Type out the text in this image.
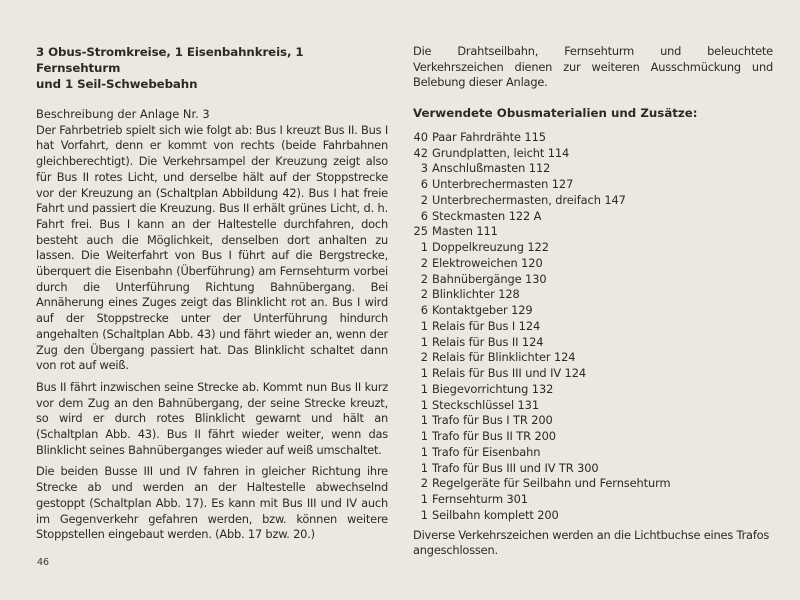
3 Obus-Stromkreise, 1 Eisenbahnkreis, 1 Fernsehturm
und 1 Seil-Schwebebahn
Beschreibung der Anlage Nr. 3

Der Fahrbetrieb spielt sich wie folgt ab: Bus I kreuzt Bus II. Bus I hat Vorfahrt, denn er kommt von rechts (beide Fahrbahnen gleichberechtigt). Die Verkehrsampel der Kreuzung zeigt also für Bus II rotes Licht, und derselbe hält auf der Stoppstrecke vor der Kreuzung an (Schaltplan Abbildung 42). Bus I hat freie Fahrt und passiert die Kreuzung. Bus II erhält grünes Licht, d. h. Fahrt frei. Bus I kann an der Haltestelle durchfahren, doch besteht auch die Möglichkeit, denselben dort anhalten zu lassen. Die Weiterfahrt von Bus I führt auf die Bergstrecke, überquert die Eisenbahn (Überführung) am Fernsehturm vorbei durch die Unterführung Richtung Bahnübergang. Bei Annäherung eines Zuges zeigt das Blinklicht rot an. Bus I wird auf der Stoppstrecke unter der Unterführung hindurch angehalten (Schaltplan Abb. 43) und fährt wieder an, wenn der Zug den Übergang passiert hat. Das Blinklicht schaltet dann von rot auf weiß.

Bus II fährt inzwischen seine Strecke ab. Kommt nun Bus II kurz vor dem Zug an den Bahnübergang, der seine Strecke kreuzt, so wird er durch rotes Blinklicht gewarnt und hält an (Schaltplan Abb. 43). Bus II fährt wieder weiter, wenn das Blinklicht seines Bahnüberganges wieder auf weiß umschaltet.

Die beiden Busse III und IV fahren in gleicher Richtung ihre Strecke ab und werden an der Haltestelle abwechselnd gestoppt (Schaltplan Abb. 17). Es kann mit Bus III und IV auch im Gegenverkehr gefahren werden, bzw. können weitere Stoppstellen eingebaut werden. (Abb. 17 bzw. 20.)

Die Drahtseilbahn, Fernsehturm und beleuchtete Verkehrszeichen dienen zur weiteren Ausschmückung und Belebung dieser Anlage.

Verwendete Obusmaterialien und Zusätze:
40 Paar Fahrdrähte 115
42 Grundplatten, leicht 114
3 Anschlußmasten 112
6 Unterbrechermasten 127
2 Unterbrechermasten, dreifach 147
6 Steckmasten 122 A
25 Masten 111
1 Doppelkreuzung 122
2 Elektroweichen 120
2 Bahnübergänge 130
2 Blinklichter 128
6 Kontaktgeber 129
1 Relais für Bus I 124
1 Relais für Bus II 124
2 Relais für Blinklichter 124
1 Relais für Bus III und IV 124
1 Biegevorrichtung 132
1 Steckschlüssel 131
1 Trafo für Bus I TR 200
1 Trafo für Bus II TR 200
1 Trafo für Eisenbahn
1 Trafo für Bus III und IV TR 300
2 Regelgeräte für Seilbahn und Fernsehturm
1 Fernsehturm 301
1 Seilbahn komplett 200

Diverse Verkehrszeichen werden an die Lichtbuchse eines Trafos angeschlossen.

46
